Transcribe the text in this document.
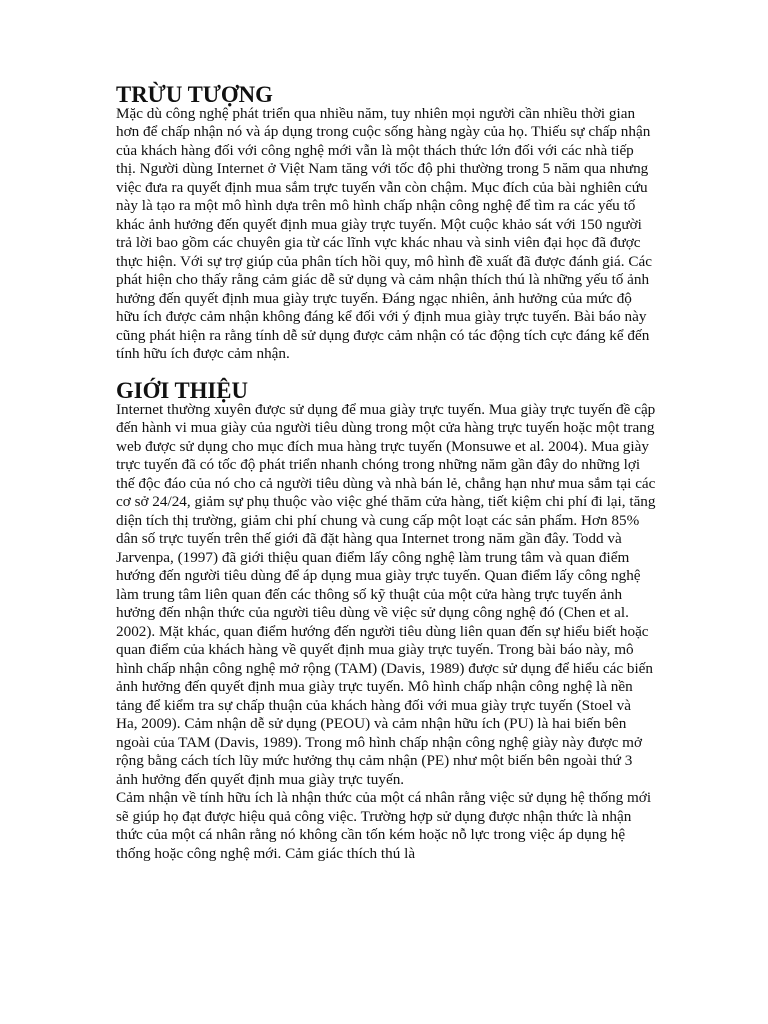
TRỪU TƯỢNG

Mặc dù công nghệ phát triển qua nhiều năm, tuy nhiên mọi người cần nhiều thời gian hơn để chấp nhận nó và áp dụng trong cuộc sống hàng ngày của họ. Thiếu sự chấp nhận của khách hàng đối với công nghệ mới vẫn là một thách thức lớn đối với các nhà tiếp thị. Người dùng Internet ở Việt Nam tăng với tốc độ phi thường trong 5 năm qua nhưng việc đưa ra quyết định mua sắm trực tuyến vẫn còn chậm. Mục đích của bài nghiên cứu này là tạo ra một mô hình dựa trên mô hình chấp nhận công nghệ để tìm ra các yếu tố khác ảnh hưởng đến quyết định mua giày trực tuyến. Một cuộc khảo sát với 150 người trả lời bao gồm các chuyên gia từ các lĩnh vực khác nhau và sinh viên đại học đã được thực hiện. Với sự trợ giúp của phân tích hồi quy, mô hình đề xuất đã được đánh giá. Các phát hiện cho thấy rằng cảm giác dễ sử dụng và cảm nhận thích thú là những yếu tố ảnh hưởng đến quyết định mua giày trực tuyến. Đáng ngạc nhiên, ảnh hưởng của mức độ hữu ích được cảm nhận không đáng kể đối với ý định mua giày trực tuyến. Bài báo này cũng phát hiện ra rằng tính dễ sử dụng được cảm nhận có tác động tích cực đáng kể đến tính hữu ích được cảm nhận.

GIỚI THIỆU

Internet thường xuyên được sử dụng để mua giày trực tuyến. Mua giày trực tuyến đề cập đến hành vi mua giày của người tiêu dùng trong một cửa hàng trực tuyến hoặc một trang web được sử dụng cho mục đích mua hàng trực tuyến (Monsuwe et al. 2004). Mua giày trực tuyến đã có tốc độ phát triển nhanh chóng trong những năm gần đây do những lợi thế độc đáo của nó cho cả người tiêu dùng và nhà bán lẻ, chẳng hạn như mua sắm tại các cơ sở 24/24, giảm sự phụ thuộc vào việc ghé thăm cửa hàng, tiết kiệm chi phí đi lại, tăng diện tích thị trường, giảm chi phí chung và cung cấp một loạt các sản phẩm. Hơn 85% dân số trực tuyến trên thế giới đã đặt hàng qua Internet trong năm gần đây. Todd và Jarvenpa, (1997) đã giới thiệu quan điểm lấy công nghệ làm trung tâm và quan điểm hướng đến người tiêu dùng để áp dụng mua giày trực tuyến. Quan điểm lấy công nghệ làm trung tâm liên quan đến các thông số kỹ thuật của một cửa hàng trực tuyến ảnh hưởng đến nhận thức của người tiêu dùng về việc sử dụng công nghệ đó (Chen et al. 2002). Mặt khác, quan điểm hướng đến người tiêu dùng liên quan đến sự hiểu biết hoặc quan điểm của khách hàng về quyết định mua giày trực tuyến. Trong bài báo này, mô hình chấp nhận công nghệ mở rộng (TAM) (Davis, 1989) được sử dụng để hiểu các biến ảnh hưởng đến quyết định mua giày trực tuyến. Mô hình chấp nhận công nghệ là nền tảng để kiểm tra sự chấp thuận của khách hàng đối với mua giày trực tuyến (Stoel và Ha, 2009). Cảm nhận dễ sử dụng (PEOU) và cảm nhận hữu ích (PU) là hai biến bên ngoài của TAM (Davis, 1989). Trong mô hình chấp nhận công nghệ giày này được mở rộng bằng cách tích lũy mức hưởng thụ cảm nhận (PE) như một biến bên ngoài thứ 3 ảnh hưởng đến quyết định mua giày trực tuyến.

Cảm nhận về tính hữu ích là nhận thức của một cá nhân rằng việc sử dụng hệ thống mới sẽ giúp họ đạt được hiệu quả công việc. Trường hợp sử dụng được nhận thức là nhận thức của một cá nhân rằng nó không cần tốn kém hoặc nỗ lực trong việc áp dụng hệ thống hoặc công nghệ mới. Cảm giác thích thú là
